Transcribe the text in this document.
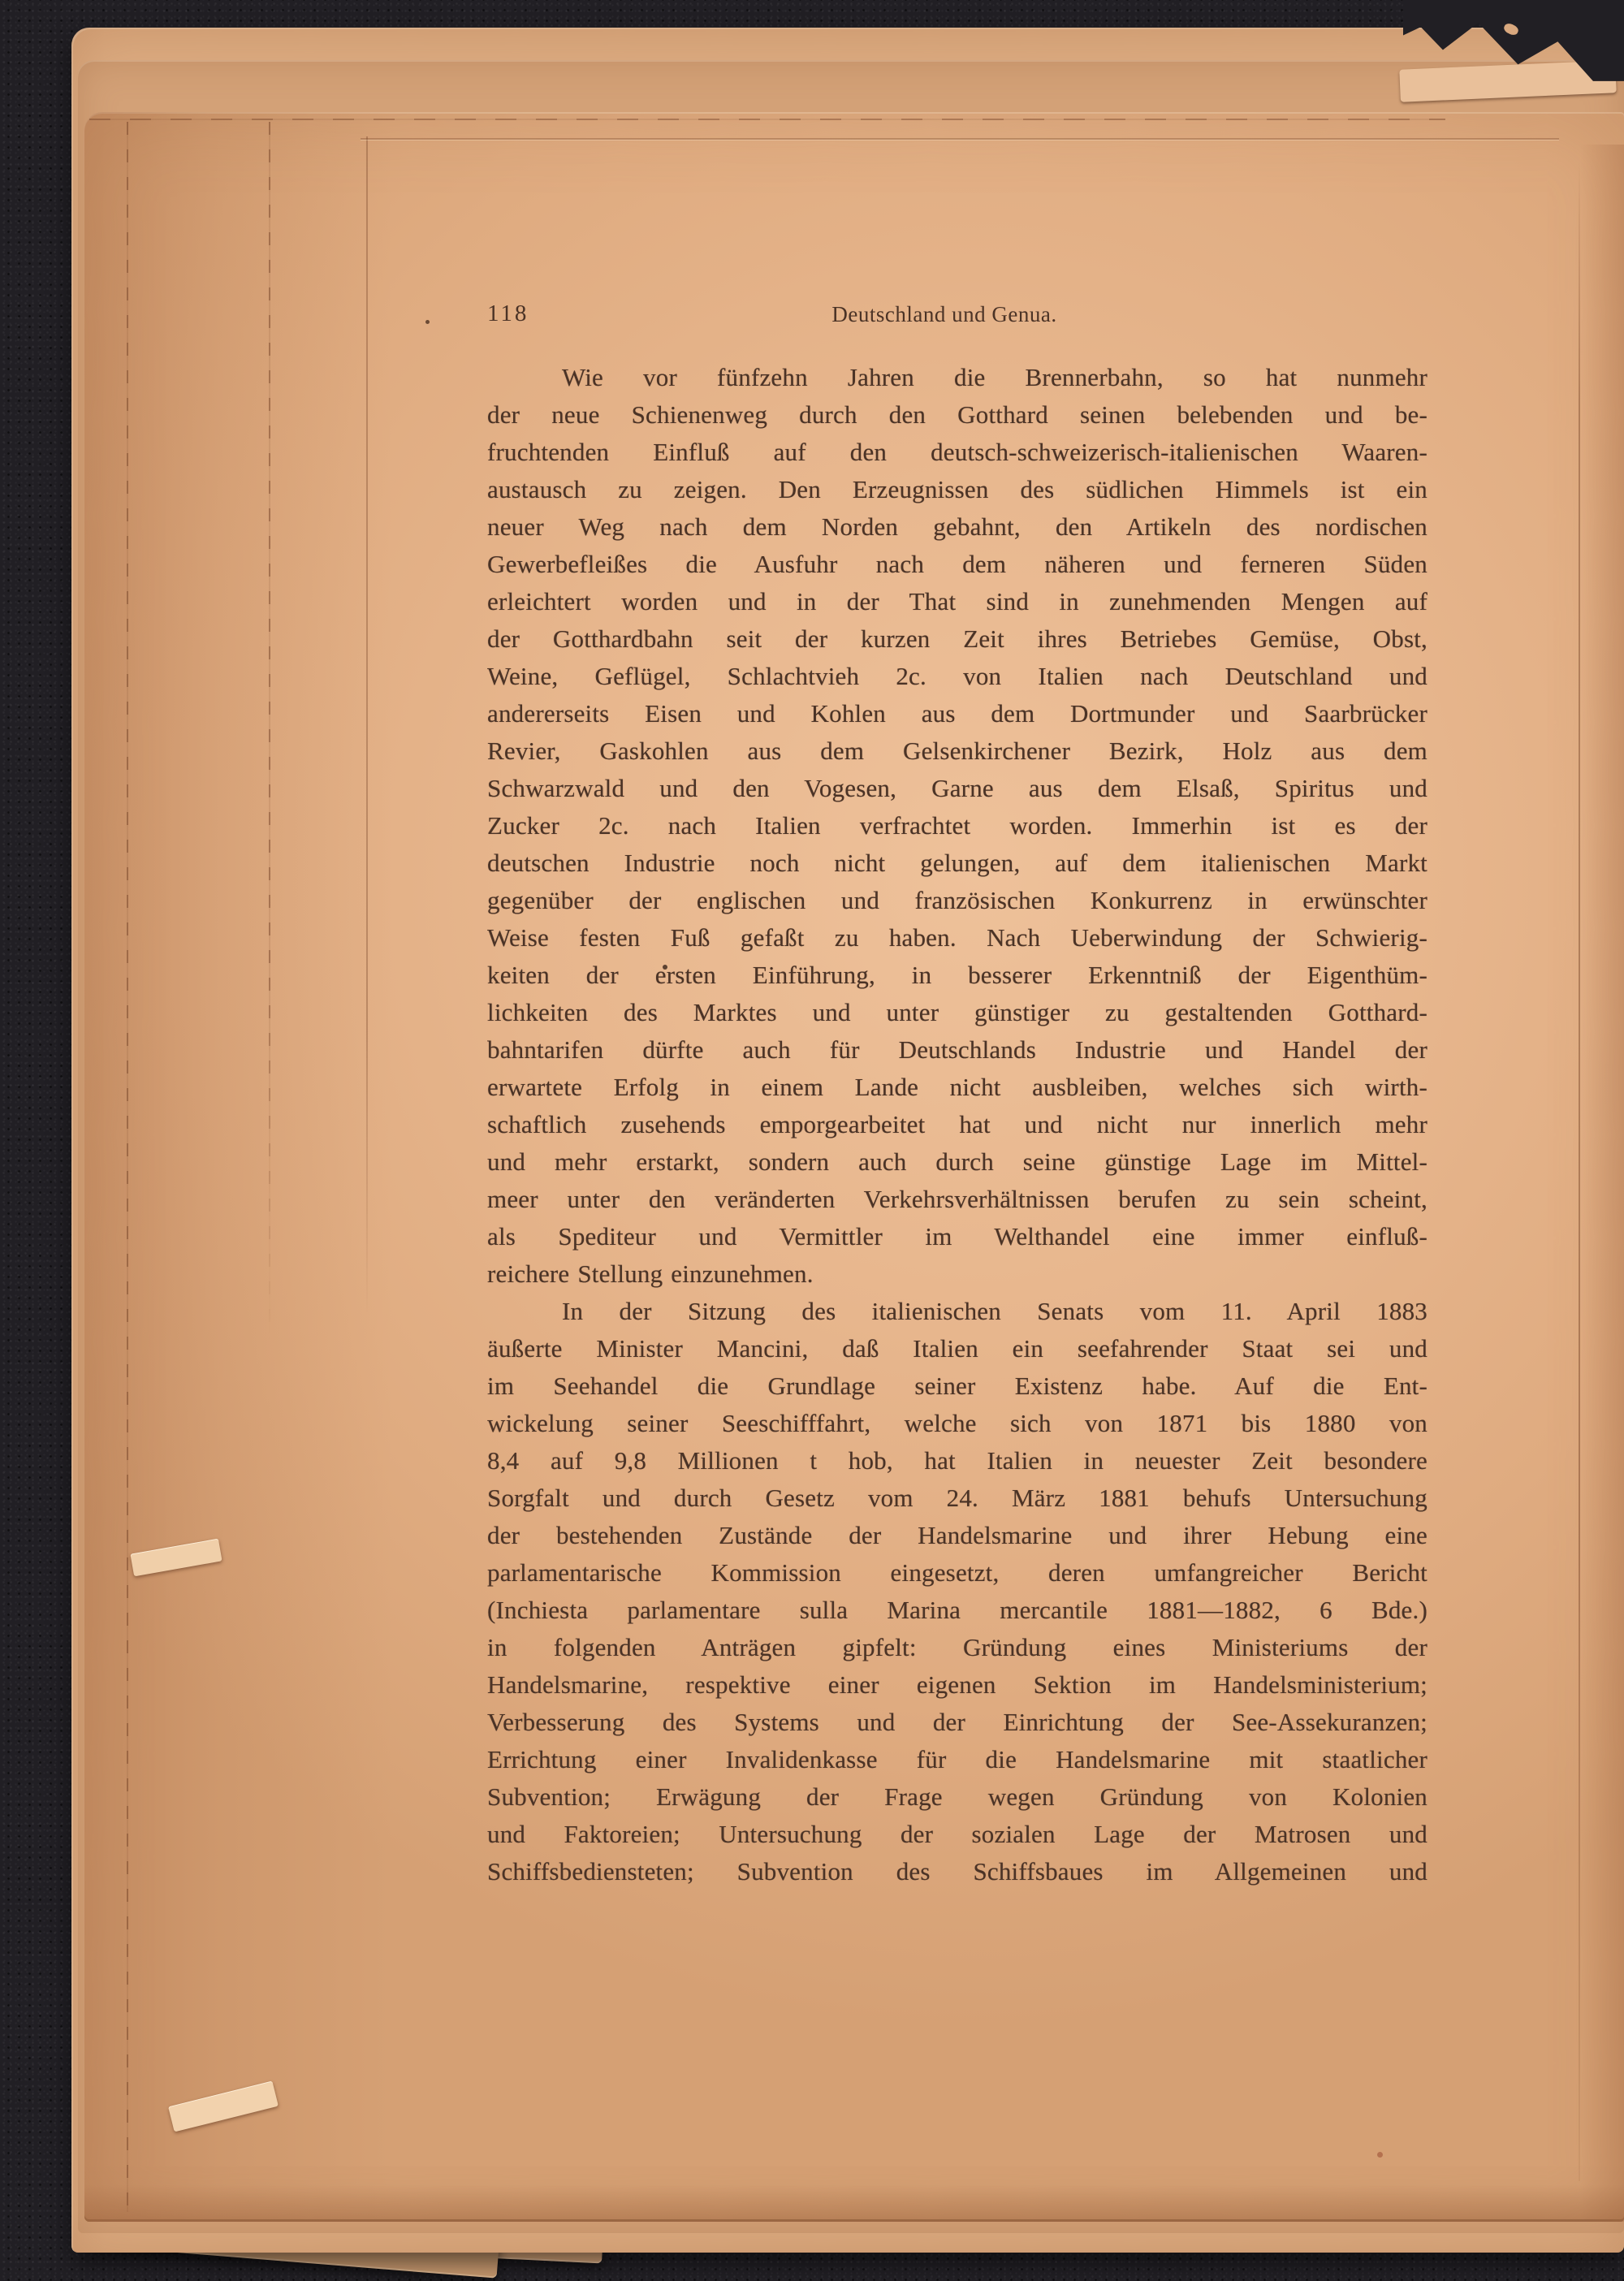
118	Deutschland und Genua.
Wie vor fünfzehn Jahren die Brennerbahn, so hat nunmehr
der neue Schienenweg durch den Gotthard seinen belebenden und be-
fruchtenden Einfluß auf den deutsch-schweizerisch-italienischen Waaren-
austausch zu zeigen. Den Erzeugnissen des südlichen Himmels ist ein
neuer Weg nach dem Norden gebahnt, den Artikeln des nordischen
Gewerbefleißes die Ausfuhr nach dem näheren und ferneren Süden
erleichtert worden und in der That sind in zunehmenden Mengen auf
der Gotthardbahn seit der kurzen Zeit ihres Betriebes Gemüse, Obst,
Weine, Geflügel, Schlachtvieh 2c. von Italien nach Deutschland und
andererseits Eisen und Kohlen aus dem Dortmunder und Saarbrücker
Revier, Gaskohlen aus dem Gelsenkirchener Bezirk, Holz aus dem
Schwarzwald und den Vogesen, Garne aus dem Elsaß, Spiritus und
Zucker 2c. nach Italien verfrachtet worden. Immerhin ist es der
deutschen Industrie noch nicht gelungen, auf dem italienischen Markt
gegenüber der englischen und französischen Konkurrenz in erwünschter
Weise festen Fuß gefaßt zu haben. Nach Ueberwindung der Schwierig-
keiten der ersten Einführung, in besserer Erkenntniß der Eigenthüm-
lichkeiten des Marktes und unter günstiger zu gestaltenden Gotthard-
bahntarifen dürfte auch für Deutschlands Industrie und Handel der
erwartete Erfolg in einem Lande nicht ausbleiben, welches sich wirth-
schaftlich zusehends emporgearbeitet hat und nicht nur innerlich mehr
und mehr erstarkt, sondern auch durch seine günstige Lage im Mittel-
meer unter den veränderten Verkehrsverhältnissen berufen zu sein scheint,
als Spediteur und Vermittler im Welthandel eine immer einfluß-
reichere Stellung einzunehmen.
In der Sitzung des italienischen Senats vom 11. April 1883
äußerte Minister Mancini, daß Italien ein seefahrender Staat sei und
im Seehandel die Grundlage seiner Existenz habe. Auf die Ent-
wickelung seiner Seeschifffahrt, welche sich von 1871 bis 1880 von
8,4 auf 9,8 Millionen t hob, hat Italien in neuester Zeit besondere
Sorgfalt und durch Gesetz vom 24. März 1881 behufs Untersuchung
der bestehenden Zustände der Handelsmarine und ihrer Hebung eine
parlamentarische Kommission eingesetzt, deren umfangreicher Bericht
(Inchiesta parlamentare sulla Marina mercantile 1881—1882, 6 Bde.)
in folgenden Anträgen gipfelt: Gründung eines Ministeriums der
Handelsmarine, respektive einer eigenen Sektion im Handelsministerium;
Verbesserung des Systems und der Einrichtung der See-Assekuranzen;
Errichtung einer Invalidenkasse für die Handelsmarine mit staatlicher
Subvention; Erwägung der Frage wegen Gründung von Kolonien
und Faktoreien; Untersuchung der sozialen Lage der Matrosen und
Schiffsbediensteten; Subvention des Schiffsbaues im Allgemeinen und
